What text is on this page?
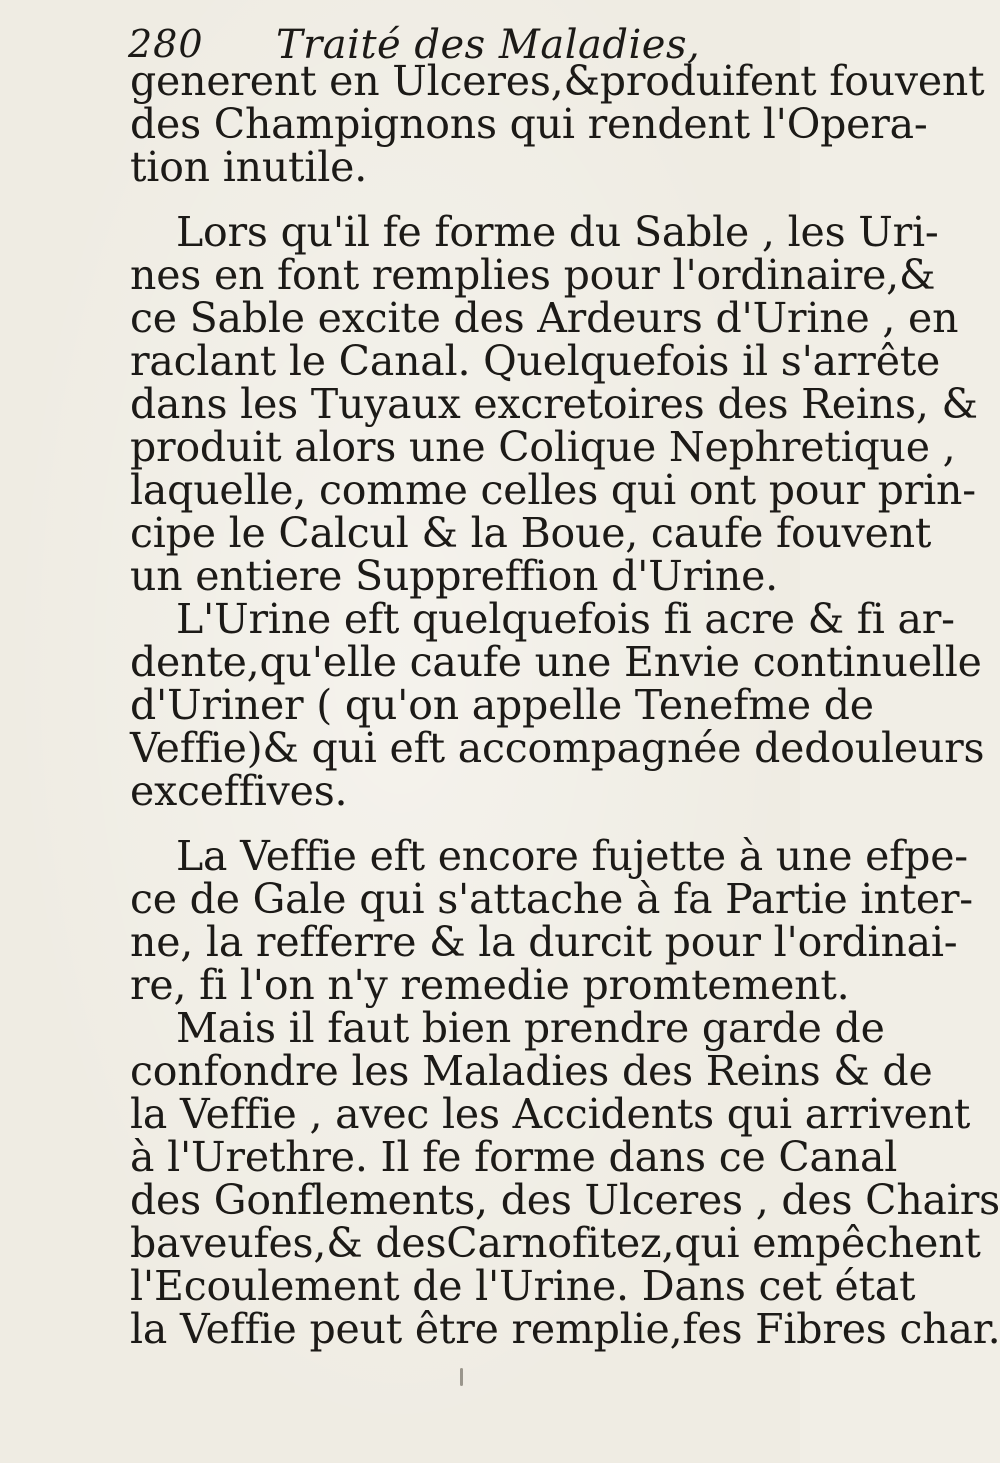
280 Traité des Maladies,
generent en Ulceres,&produifent fouvent
des Champignons qui rendent l'Opera-
tion inutile.
Lors qu'il fe forme du Sable , les Uri-
nes en font remplies pour l'ordinaire,&
ce Sable excite des Ardeurs d'Urine , en
raclant le Canal. Quelquefois il s'arrête
dans les Tuyaux excretoires des Reins, &
produit alors une Colique Nephretique ,
laquelle, comme celles qui ont pour prin-
cipe le Calcul & la Boue, caufe fouvent
un entiere Suppreffion d'Urine.
L'Urine eft quelquefois fi acre & fi ar-
dente,qu'elle caufe une Envie continuelle
d'Uriner ( qu'on appelle Tenefme de
Veffie)& qui eft accompagnée dedouleurs
exceffives.
La Veffie eft encore fujette à une efpe-
ce de Gale qui s'attache à fa Partie inter-
ne, la refferre & la durcit pour l'ordinai-
re, fi l'on n'y remedie promtement.
Mais il faut bien prendre garde de
confondre les Maladies des Reins & de
la Veffie , avec les Accidents qui arrivent
à l'Urethre. Il fe forme dans ce Canal
des Gonflements, des Ulceres , des Chairs
baveufes,& desCarnofitez,qui empêchent
l'Ecoulement de l'Urine. Dans cet état
la Veffie peut être remplie,fes Fibres char.
